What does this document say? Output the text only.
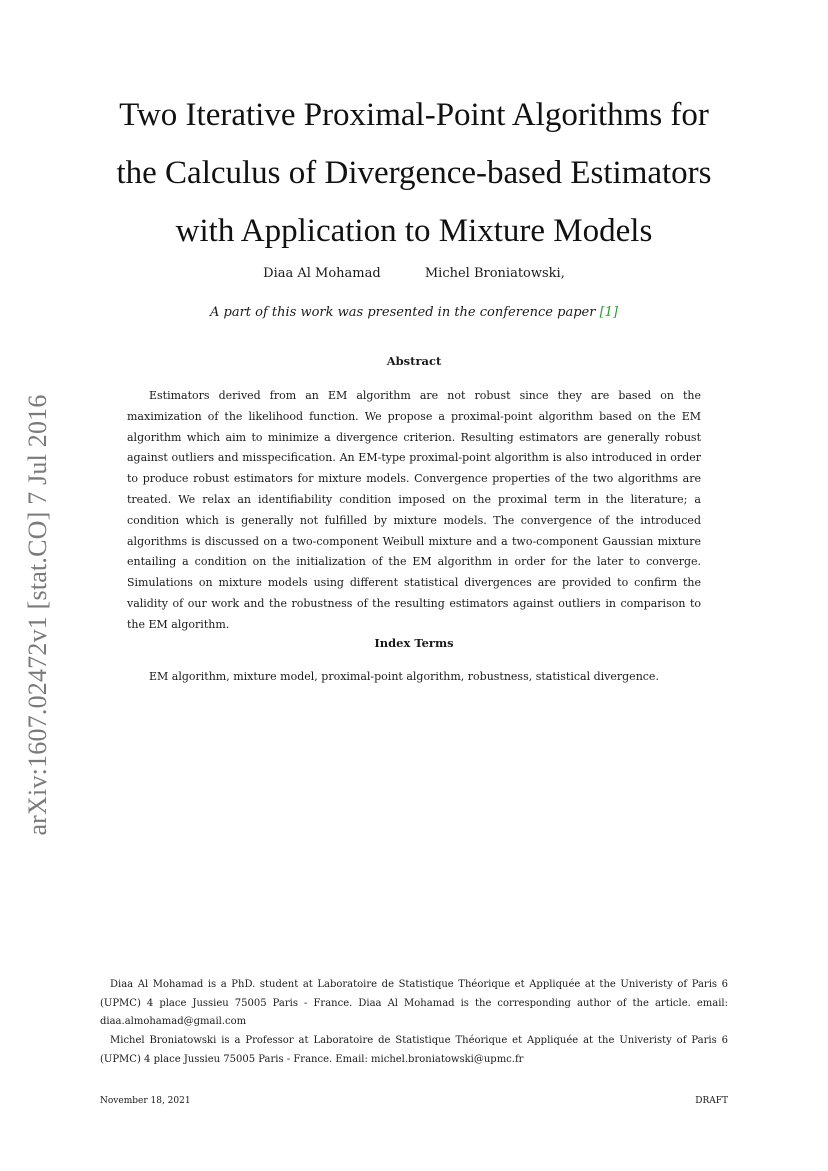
arXiv:1607.02472v1 [stat.CO] 7 Jul 2016
Two Iterative Proximal-Point Algorithms for
the Calculus of Divergence-based Estimators
with Application to Mixture Models
Diaa Al Mohamad	Michel Broniatowski,
A part of this work was presented in the conference paper [1]
Abstract

Estimators derived from an EM algorithm are not robust since they are based on the maximization of the likelihood function. We propose a proximal-point algorithm based on the EM algorithm which aim to minimize a divergence criterion. Resulting estimators are generally robust against outliers and misspecification. An EM-type proximal-point algorithm is also introduced in order to produce robust estimators for mixture models. Convergence properties of the two algorithms are treated. We relax an identifiability condition imposed on the proximal term in the literature; a condition which is generally not fulfilled by mixture models. The convergence of the introduced algorithms is discussed on a two-component Weibull mixture and a two-component Gaussian mixture entailing a condition on the initialization of the EM algorithm in order for the later to converge. Simulations on mixture models using different statistical divergences are provided to confirm the validity of our work and the robustness of the resulting estimators against outliers in comparison to the EM algorithm.

Index Terms

EM algorithm, mixture model, proximal-point algorithm, robustness, statistical divergence.

Diaa Al Mohamad is a PhD. student at Laboratoire de Statistique Théorique et Appliquée at the Univeristy of Paris 6 (UPMC) 4 place Jussieu 75005 Paris - France. Diaa Al Mohamad is the corresponding author of the article. email: diaa.almohamad@gmail.com

Michel Broniatowski is a Professor at Laboratoire de Statistique Théorique et Appliquée at the Univeristy of Paris 6 (UPMC) 4 place Jussieu 75005 Paris - France. Email: michel.broniatowski@upmc.fr

November 18, 2021	DRAFT
